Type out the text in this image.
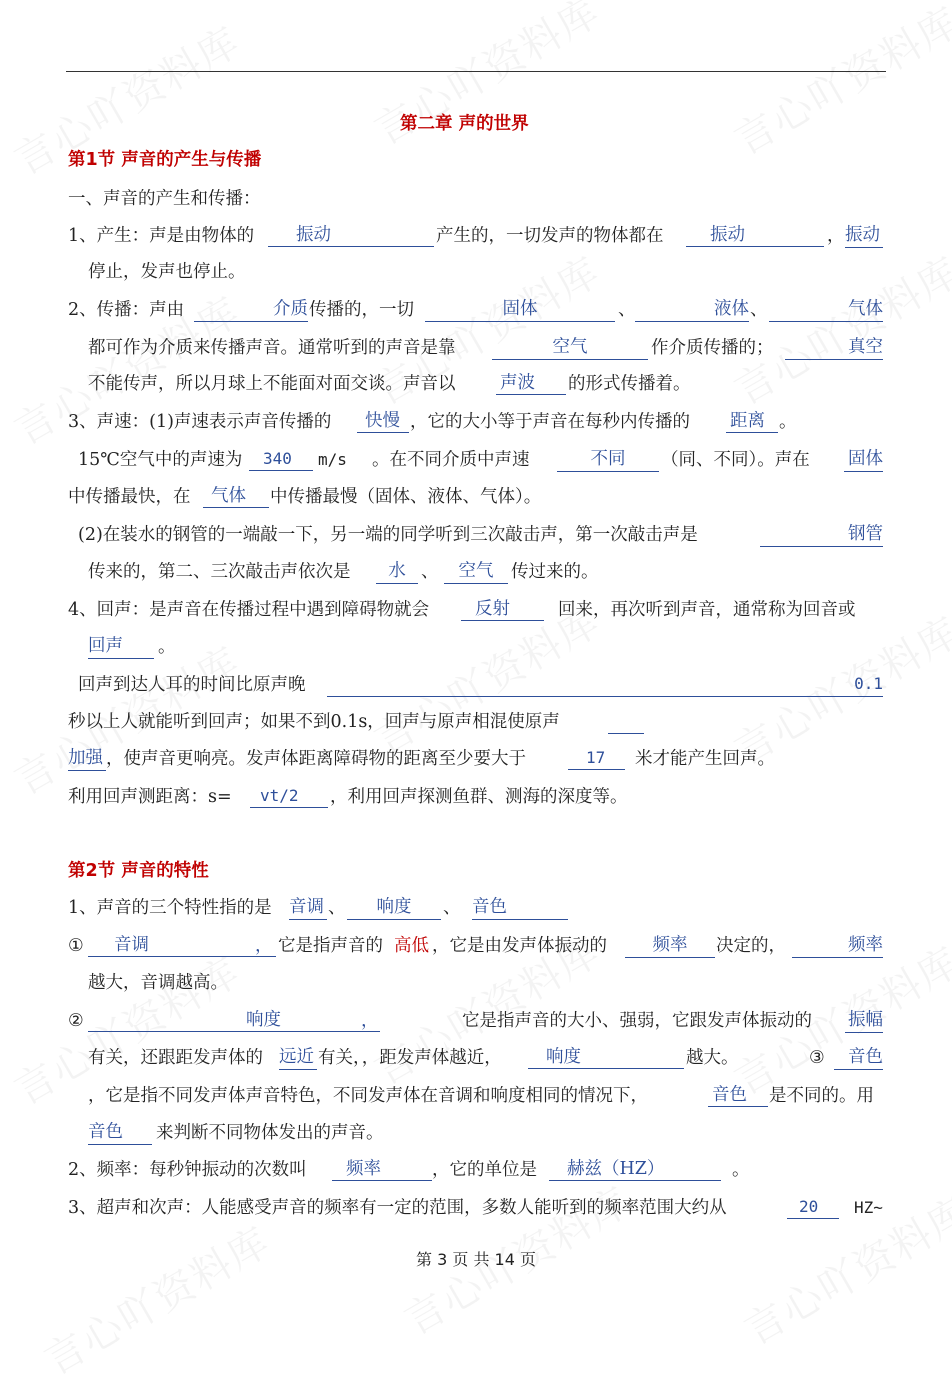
第二章 声的世界
第1节 声音的产生与传播
一、声音的产生和传播：
1、产生：声是由物体的	振动	产生的，一切发声的物体都在	振动	， 振动
停止，发声也停止。
2、传播：声由	介质 传播的，一切	固体	、	液体 、	气体
都可作为介质来传播声音。通常听到的声音是靠	空气	作介质传播的；	真空
不能传声，所以月球上不能面对面交谈。声音以	声波	的形式传播着。
3、声速：(1)声速表示声音传播的	快慢 ，它的大小等于声音在每秒内传播的 距离 。
15℃空气中的声速为	340	m/s 。在不同介质中声速	不同	（同、不同）。声在 固体
中传播最快，在	气体	中传播最慢（固体、液体、气体）。
(2)在装水的钢管的一端敲一下，另一端的同学听到三次敲击声，第一次敲击声是	钢管
传来的，第二、三次敲击声依次是	水 、	空气	传过来的。
4、回声：是声音在传播过程中遇到障碍物就会	反射	回来，再次听到声音，通常称为回音或
回声	。
回声到达人耳的时间比原声晚	0.1
秒以上人就能听到回声；如果不到0.1s，回声与原声相混使原声
加强 ，使声音更响亮。发声体距离障碍物的距离至少要大于	17	米才能产生回声。
利用回声测距离：s=	vt/2	，利用回声探测鱼群、测海的深度等。
第2节 声音的特性
1、声音的三个特性指的是 音调 、	响度	、 音色
①	音调	， 它是指声音的 高低 ，它是由发声体振动的	频率	决定的，	频率
越大，音调越高。
②	响度	，	它是指声音的大小、强弱，它跟发声体振动的 振幅
有关，还跟距发声体的 远近 有关，，距发声体越近，	响度	越大。	③	音色
，它是指不同发声体声音特色，不同发声体在音调和响度相同的情况下，	音色	是不同的。用
音色	来判断不同物体发出的声音。
2、频率：每秒钟振动的次数叫	频率	，它的单位是	赫兹（HZ）	。
3、超声和次声：人能感受声音的频率有一定的范围，多数人能听到的频率范围大约从	20	HZ~
第 3 页 共 14 页
